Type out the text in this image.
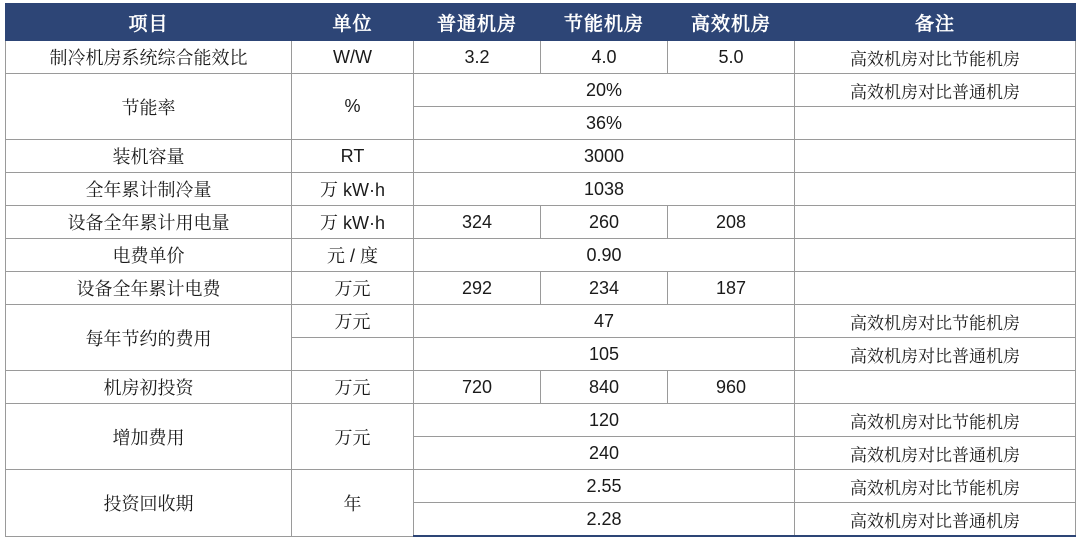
项目	单位	普通机房	节能机房	高效机房	备注
制冷机房系统综合能效比	W/W	3.2	4.0	5.0	高效机房对比节能机房
节能率	%	20%			高效机房对比普通机房
		36%			
装机容量	RT	3000			
全年累计制冷量	万 kW·h	1038			
设备全年累计用电量	万 kW·h	324	260	208	
电费单价	元 / 度	0.90			
设备全年累计电费	万元	292	234	187	
每年节约的费用	万元	47			高效机房对比节能机房
		105			高效机房对比普通机房
机房初投资	万元	720	840	960	
增加费用	万元	120			高效机房对比节能机房
		240			高效机房对比普通机房
投资回收期	年	2.55			高效机房对比节能机房
		2.28			高效机房对比普通机房
